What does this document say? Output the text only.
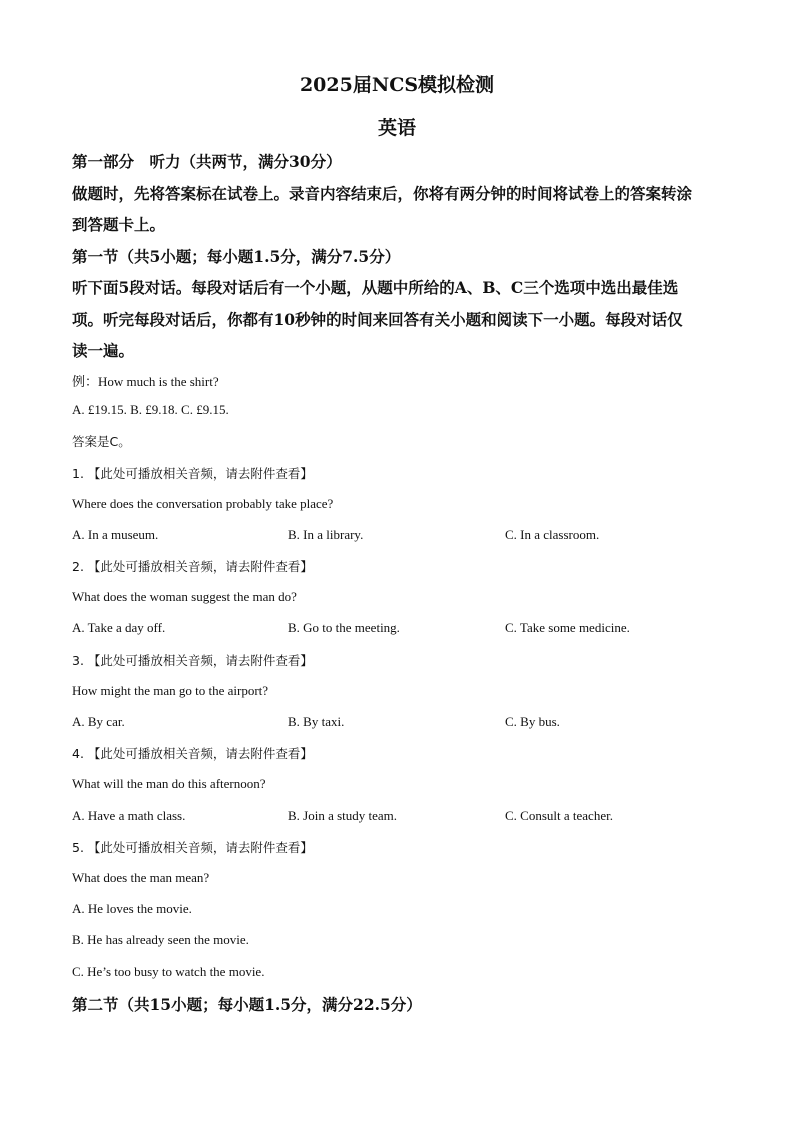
2025届NCS模拟检测
英语
第一部分　听力（共两节，满分30分）
做题时，先将答案标在试卷上。录音内容结束后，你将有两分钟的时间将试卷上的答案转涂
到答题卡上。
第一节（共5小题；每小题1.5分，满分7.5分）
听下面5段对话。每段对话后有一个小题，从题中所给的A、B、C三个选项中选出最佳选
项。听完每段对话后，你都有10秒钟的时间来回答有关小题和阅读下一小题。每段对话仅
读一遍。
例：How much is the shirt?
A. £19.15. B. £9.18. C. £9.15.
答案是C。
1. 【此处可播放相关音频，请去附件查看】
Where does the conversation probably take place?
A. In a museum.	B. In a library.	C. In a classroom.
2. 【此处可播放相关音频，请去附件查看】
What does the woman suggest the man do?
A. Take a day off.	B. Go to the meeting.	C. Take some medicine.
3. 【此处可播放相关音频，请去附件查看】
How might the man go to the airport?
A. By car.	B. By taxi.	C. By bus.
4. 【此处可播放相关音频，请去附件查看】
What will the man do this afternoon?
A. Have a math class.	B. Join a study team.	C. Consult a teacher.
5. 【此处可播放相关音频，请去附件查看】
What does the man mean?
A. He loves the movie.
B. He has already seen the movie.
C. He’s too busy to watch the movie.
第二节（共15小题；每小题1.5分，满分22.5分）
